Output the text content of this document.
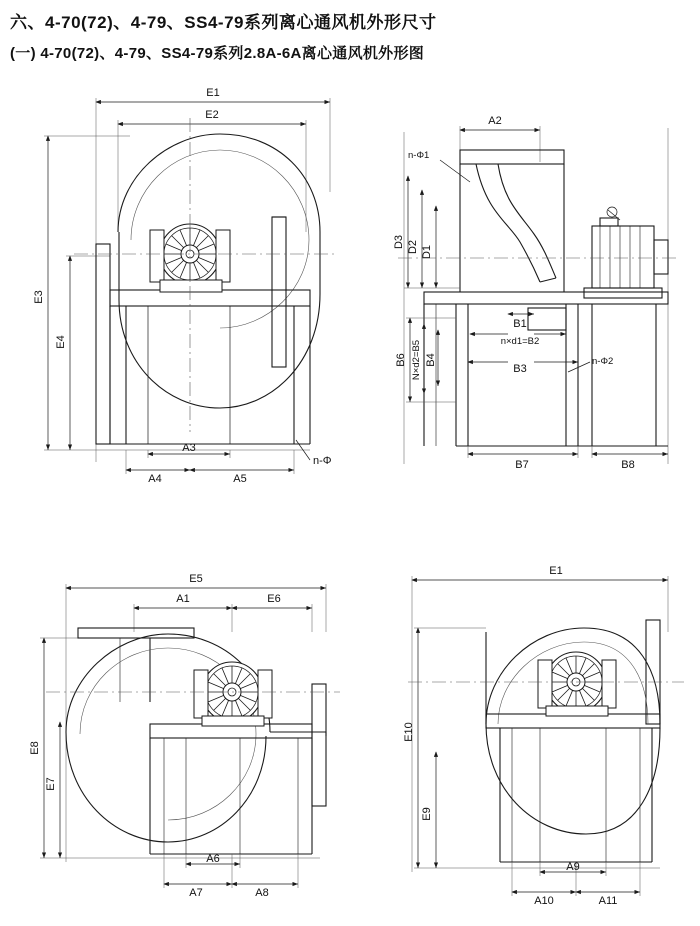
六、4-70(72)、4-79、SS4-79系列离心通风机外形尺寸
(一) 4-70(72)、4-79、SS4-79系列2.8A-6A离心通风机外形图
E1
E2
E3
E4
A3
A4	A5
n-Φ
A2
n-Φ1
D3 D2 D1
B1
n×d1=B2
B3
B6 N×d2=B5 B4	n-Φ2
B7	B8
E5
A1	E6
E8
E7
A6
A7	A8
E1
E10
E9
A9
A10	A11
